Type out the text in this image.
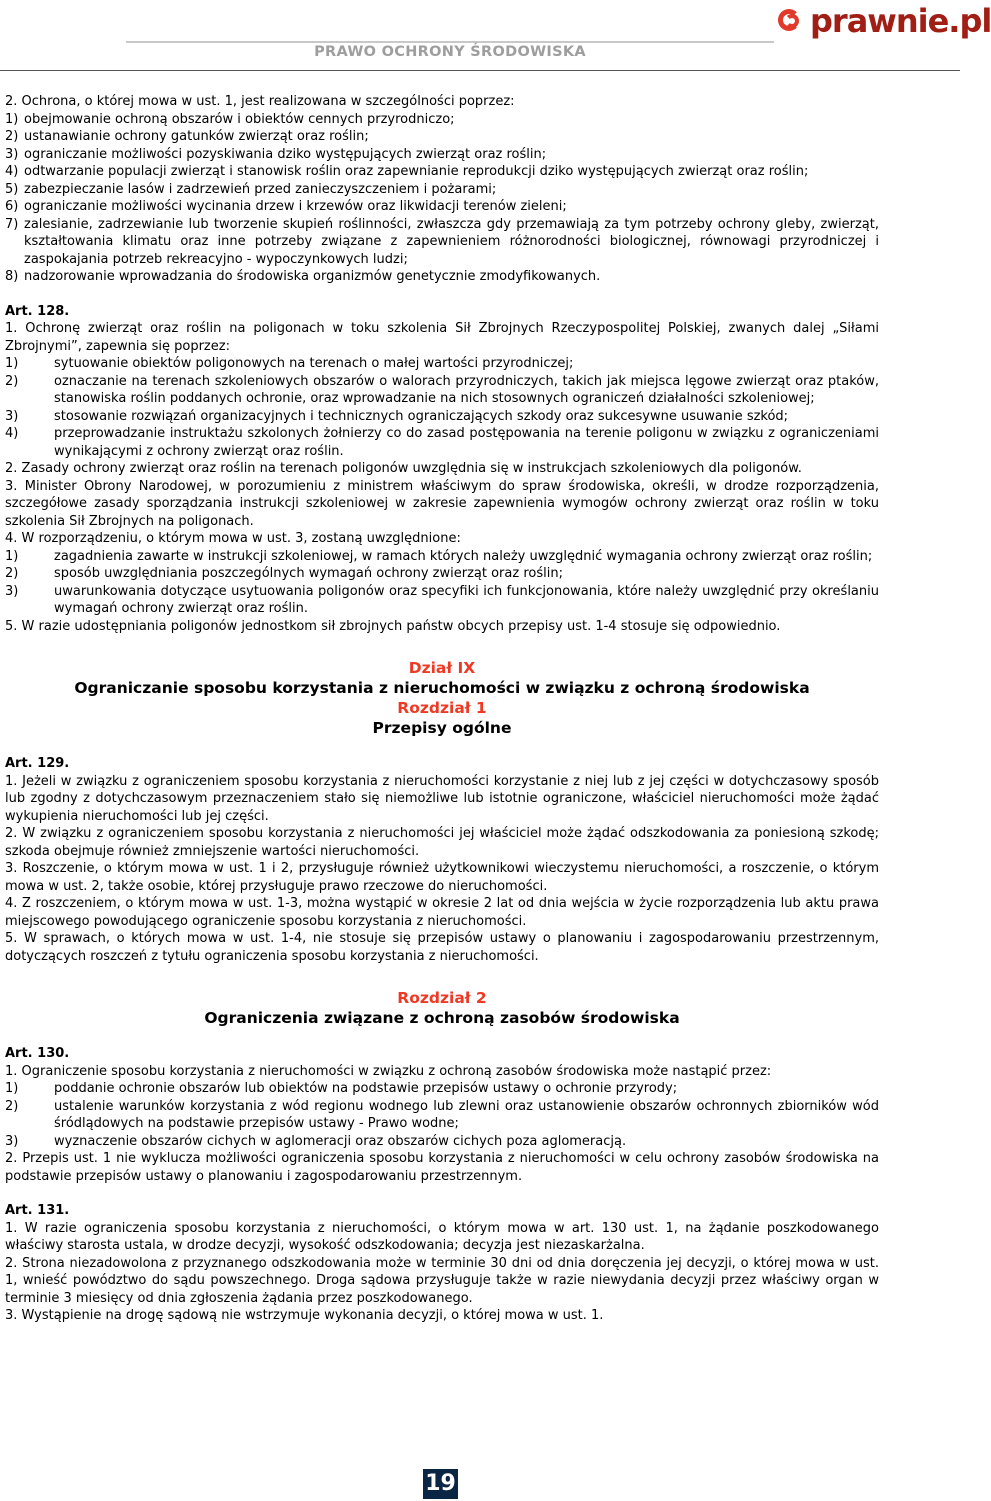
PRAWO OCHRONY ŚRODOWISKA
prawnie.pl

2. Ochrona, o której mowa w ust. 1, jest realizowana w szczególności poprzez:

1) obejmowanie ochroną obszarów i obiektów cennych przyrodniczo;
2) ustanawianie ochrony gatunków zwierząt oraz roślin;
3) ograniczanie możliwości pozyskiwania dziko występujących zwierząt oraz roślin;
4) odtwarzanie populacji zwierząt i stanowisk roślin oraz zapewnianie reprodukcji dziko występujących zwierząt oraz roślin;
5) zabezpieczanie lasów i zadrzewień przed zanieczyszczeniem i pożarami;
6) ograniczanie możliwości wycinania drzew i krzewów oraz likwidacji terenów zieleni;
7) zalesianie, zadrzewianie lub tworzenie skupień roślinności, zwłaszcza gdy przemawiają za tym potrzeby ochrony gleby, zwierząt, kształtowania klimatu oraz inne potrzeby związane z zapewnieniem różnorodności biologicznej, równowagi przyrodniczej i zaspokajania potrzeb rekreacyjno - wypoczynkowych ludzi;
8) nadzorowanie wprowadzania do środowiska organizmów genetycznie zmodyfikowanych.

Art. 128.

1. Ochronę zwierząt oraz roślin na poligonach w toku szkolenia Sił Zbrojnych Rzeczypospolitej Polskiej, zwanych dalej „Siłami Zbrojnymi”, zapewnia się poprzez:

1)	sytuowanie obiektów poligonowych na terenach o małej wartości przyrodniczej;
2)	oznaczanie na terenach szkoleniowych obszarów o walorach przyrodniczych, takich jak miejsca lęgowe zwierząt oraz ptaków, stanowiska roślin poddanych ochronie, oraz wprowadzanie na nich stosownych ograniczeń działalności szkoleniowej;
3)	stosowanie rozwiązań organizacyjnych i technicznych ograniczających szkody oraz sukcesywne usuwanie szkód;
4)	przeprowadzanie instruktażu szkolonych żołnierzy co do zasad postępowania na terenie poligonu w związku z ograniczeniami wynikającymi z ochrony zwierząt oraz roślin.

2. Zasady ochrony zwierząt oraz roślin na terenach poligonów uwzględnia się w instrukcjach szkoleniowych dla poligonów.

3. Minister Obrony Narodowej, w porozumieniu z ministrem właściwym do spraw środowiska, określi, w drodze rozporządzenia, szczegółowe zasady sporządzania instrukcji szkoleniowej w zakresie zapewnienia wymogów ochrony zwierząt oraz roślin w toku szkolenia Sił Zbrojnych na poligonach.

4. W rozporządzeniu, o którym mowa w ust. 3, zostaną uwzględnione:

1)	zagadnienia zawarte w instrukcji szkoleniowej, w ramach których należy uwzględnić wymagania ochrony zwierząt oraz roślin;
2)	sposób uwzględniania poszczególnych wymagań ochrony zwierząt oraz roślin;
3)	uwarunkowania dotyczące usytuowania poligonów oraz specyfiki ich funkcjonowania, które należy uwzględnić przy określaniu wymagań ochrony zwierząt oraz roślin.

5. W razie udostępniania poligonów jednostkom sił zbrojnych państw obcych przepisy ust. 1-4 stosuje się odpowiednio.

Dział IX

Ograniczanie sposobu korzystania z nieruchomości w związku z ochroną środowiska

Rozdział 1

Przepisy ogólne

Art. 129.

1. Jeżeli w związku z ograniczeniem sposobu korzystania z nieruchomości korzystanie z niej lub z jej części w dotychczasowy sposób lub zgodny z dotychczasowym przeznaczeniem stało się niemożliwe lub istotnie ograniczone, właściciel nieruchomości może żądać wykupienia nieruchomości lub jej części.

2. W związku z ograniczeniem sposobu korzystania z nieruchomości jej właściciel może żądać odszkodowania za poniesioną szkodę; szkoda obejmuje również zmniejszenie wartości nieruchomości.

3. Roszczenie, o którym mowa w ust. 1 i 2, przysługuje również użytkownikowi wieczystemu nieruchomości, a roszczenie, o którym mowa w ust. 2, także osobie, której przysługuje prawo rzeczowe do nieruchomości.

4. Z roszczeniem, o którym mowa w ust. 1-3, można wystąpić w okresie 2 lat od dnia wejścia w życie rozporządzenia lub aktu prawa miejscowego powodującego ograniczenie sposobu korzystania z nieruchomości.

5. W sprawach, o których mowa w ust. 1-4, nie stosuje się przepisów ustawy o planowaniu i zagospodarowaniu przestrzennym, dotyczących roszczeń z tytułu ograniczenia sposobu korzystania z nieruchomości.

Rozdział 2

Ograniczenia związane z ochroną zasobów środowiska

Art. 130.

1. Ograniczenie sposobu korzystania z nieruchomości w związku z ochroną zasobów środowiska może nastąpić przez:

1)	poddanie ochronie obszarów lub obiektów na podstawie przepisów ustawy o ochronie przyrody;
2)	ustalenie warunków korzystania z wód regionu wodnego lub zlewni oraz ustanowienie obszarów ochronnych zbiorników wód śródlądowych na podstawie przepisów ustawy - Prawo wodne;
3)	wyznaczenie obszarów cichych w aglomeracji oraz obszarów cichych poza aglomeracją.

2. Przepis ust. 1 nie wyklucza możliwości ograniczenia sposobu korzystania z nieruchomości w celu ochrony zasobów środowiska na podstawie przepisów ustawy o planowaniu i zagospodarowaniu przestrzennym.

Art. 131.

1. W razie ograniczenia sposobu korzystania z nieruchomości, o którym mowa w art. 130 ust. 1, na żądanie poszkodowanego właściwy starosta ustala, w drodze decyzji, wysokość odszkodowania; decyzja jest niezaskarżalna.

2. Strona niezadowolona z przyznanego odszkodowania może w terminie 30 dni od dnia doręczenia jej decyzji, o której mowa w ust. 1, wnieść powództwo do sądu powszechnego. Droga sądowa przysługuje także w razie niewydania decyzji przez właściwy organ w terminie 3 miesięcy od dnia zgłoszenia żądania przez poszkodowanego.

3. Wystąpienie na drogę sądową nie wstrzymuje wykonania decyzji, o której mowa w ust. 1.

19
